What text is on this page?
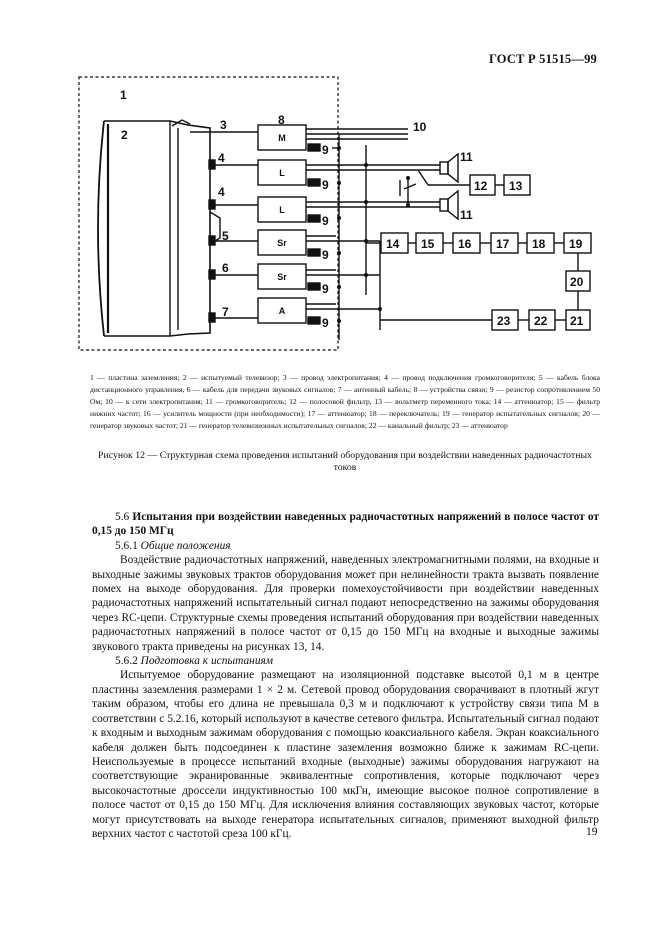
ГОСТ Р 51515—99
1
2
3
4
4
5
6
7
8	10
11
11
12 13
14 15 16 17 18 19
20
21
22
23
9
9
9
9
9
9
M
L
L
Sr
Sr
A
1 — пластина заземления; 2 — испытуемый телевизор; 3 — провод электропитания; 4 — провод подключения громкоговорителя; 5 — кабель блока дистанционного управления, 6 — кабель для передачи звуковых сигналов; 7 — антенный кабель; 8 — устройства связи; 9 — резистор сопротивлением 50 Ом; 10 — к сети электропитания; 11 — громкоговоритель; 12 — полосовой фильтр, 13 — вольтметр переменного тока; 14 — аттенюатор; 15 — фильтр нижних частот; 16 — усилитель мощности (при необходимости); 17 — аттенюатор; 18 — переключатель; 19 — генератор испытательных сигналов; 20 — генератор звуковых частот; 21 — генератор телевизионных испытательных сигналов; 22 — канальный фильтр; 23 — аттенюатор
Рисунок 12 — Структурная схема проведения испытаний оборудования при воздействии наведенных радиочастотных токов

5.6 Испытания при воздействии наведенных радиочастотных напряжений в полосе частот от 0,15 до 150 МГц

5.6.1 Общие положения

Воздействие радиочастотных напряжений, наведенных электромагнитными полями, на входные и выходные зажимы звуковых трактов оборудования может при нелинейности тракта вызвать появление помех на выходе оборудования. Для проверки помехоустойчивости при воздействии наведенных радиочастотных напряжений испытательный сигнал подают непосредственно на зажимы оборудования через RC-цепи. Структурные схемы проведения испытаний оборудования при воздействии наведенных радиочастотных напряжений в полосе частот от 0,15 до 150 МГц на входные и выходные зажимы звукового тракта приведены на рисунках 13, 14.

5.6.2 Подготовка к испытаниям

Испытуемое оборудование размещают на изоляционной подставке высотой 0,1 м в центре пластины заземления размерами 1 × 2 м. Сетевой провод оборудования сворачивают в плотный жгут таким образом, чтобы его длина не превышала 0,3 м и подключают к устройству связи типа М в соответствии с 5.2.16, который используют в качестве сетевого фильтра. Испытательный сигнал подают к входным и выходным зажимам оборудования с помощью коаксиального кабеля. Экран коаксиального кабеля должен быть подсоединен к пластине заземления возможно ближе к зажимам RC-цепи. Неиспользуемые в процессе испытаний входные (выходные) зажимы оборудования нагружают на соответствующие экранированные эквивалентные сопротивления, которые подключают через высокочастотные дроссели индуктивностью 100 мкГн, имеющие высокое полное сопротивление в полосе частот от 0,15 до 150 МГц. Для исключения влияния составляющих звуковых частот, которые могут присутствовать на выходе генератора испытательных сигналов, применяют выходной фильтр верхних частот с частотой среза 100 кГц.	19
